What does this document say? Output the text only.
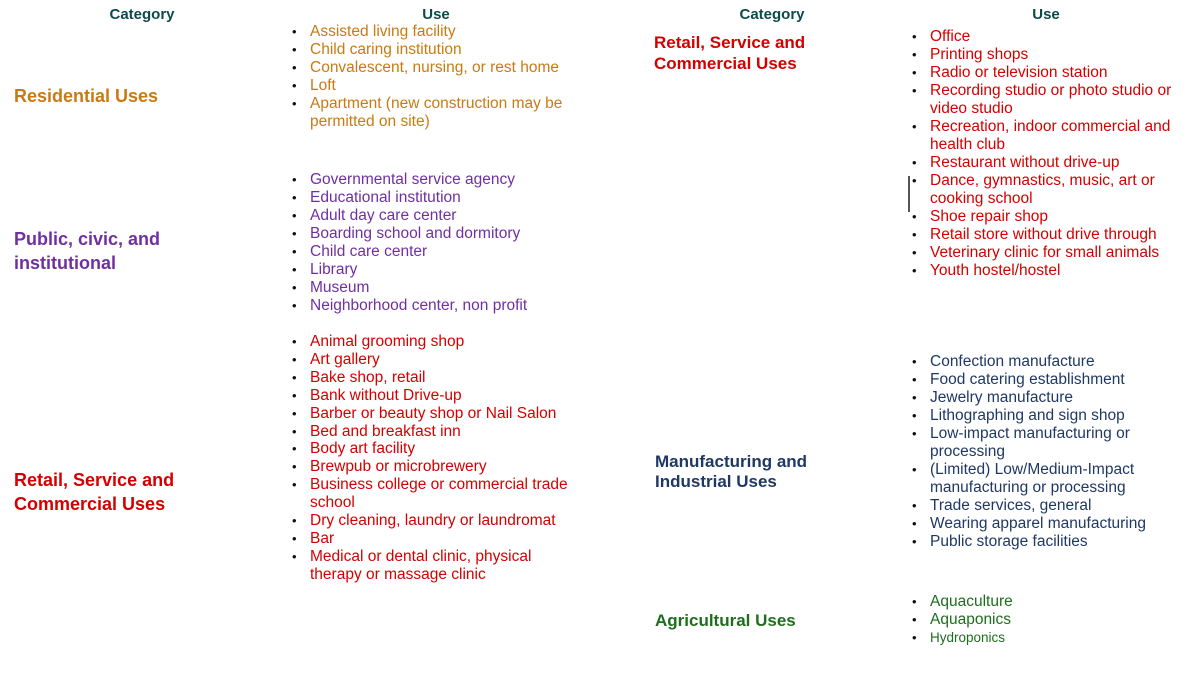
Category	Use	Category	Use
Residential Uses
• Assisted living facility
• Child caring institution
• Convalescent, nursing, or rest home
• Loft
• Apartment (new construction may be permitted on site)
Public, civic, and institutional
• Governmental service agency
• Educational institution
• Adult day care center
• Boarding school and dormitory
• Child care center
• Library
• Museum
• Neighborhood center, non profit
Retail, Service and Commercial Uses
• Animal grooming shop
• Art gallery
• Bake shop, retail
• Bank without Drive-up
• Barber or beauty shop or Nail Salon
• Bed and breakfast inn
• Body art facility
• Brewpub or microbrewery
• Business college or commercial trade school
• Dry cleaning, laundry or laundromat
• Bar
• Medical or dental clinic, physical therapy or massage clinic
Retail, Service and Commercial Uses
• Office
• Printing shops
• Radio or television station
• Recording studio or photo studio or video studio
• Recreation, indoor commercial and health club
• Restaurant without drive-up
• Dance, gymnastics, music, art or cooking school
• Shoe repair shop
• Retail store without drive through
• Veterinary clinic for small animals
• Youth hostel/hostel
Manufacturing and Industrial Uses
• Confection manufacture
• Food catering establishment
• Jewelry manufacture
• Lithographing and sign shop
• Low-impact manufacturing or processing
• (Limited) Low/Medium-Impact manufacturing or processing
• Trade services, general
• Wearing apparel manufacturing
• Public storage facilities
Agricultural Uses
• Aquaculture
• Aquaponics
• Hydroponics
